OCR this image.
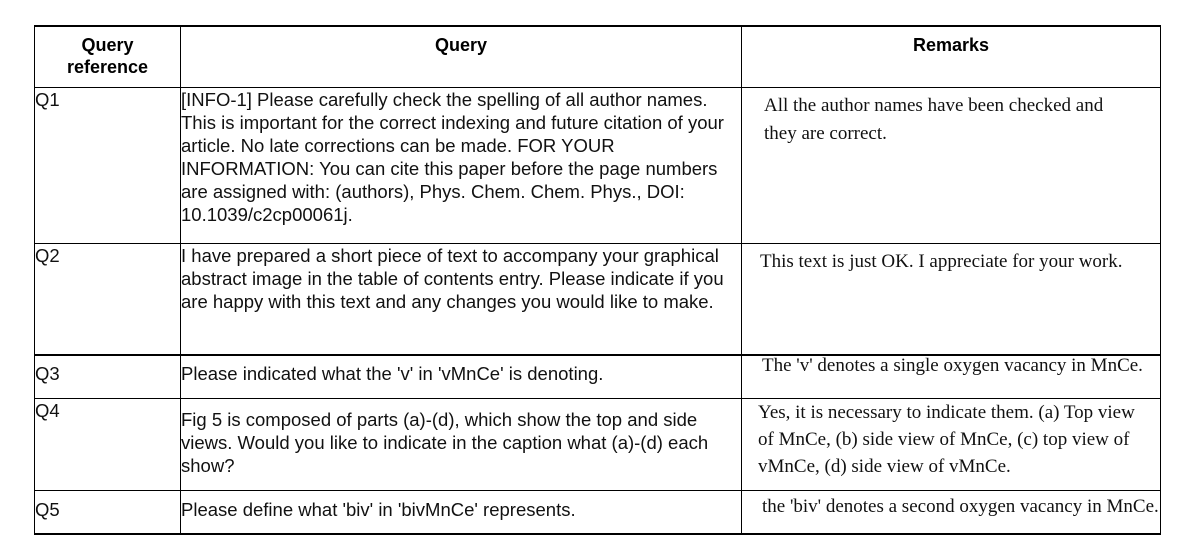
Query reference	Query	Remarks
Q1	[INFO-1] Please carefully check the spelling of all author names. This is important for the correct indexing and future citation of your article. No late corrections can be made. FOR YOUR INFORMATION: You can cite this paper before the page numbers are assigned with: (authors), Phys. Chem. Chem. Phys., DOI: 10.1039/c2cp00061j.	All the author names have been checked and
they are correct.

Q2	I have prepared a short piece of text to accompany your graphical abstract image in the table of contents entry. Please indicate if you are happy with this text and any changes you would like to make.	This text is just OK. I appreciate for your work.

Q3	Please indicated what the 'v' in 'vMnCe' is denoting.	The 'v' denotes a single oxygen vacancy in MnCe.

Q4	Fig 5 is composed of parts (a)-(d), which show the top and side views. Would you like to indicate in the caption what (a)-(d) each show?	Yes, it is necessary to indicate them. (a) Top view
of MnCe, (b) side view of MnCe, (c) top view of
vMnCe, (d) side view of vMnCe.

Q5	Please define what 'biv' in 'bivMnCe' represents.	the 'biv' denotes a second oxygen vacancy in MnCe.
